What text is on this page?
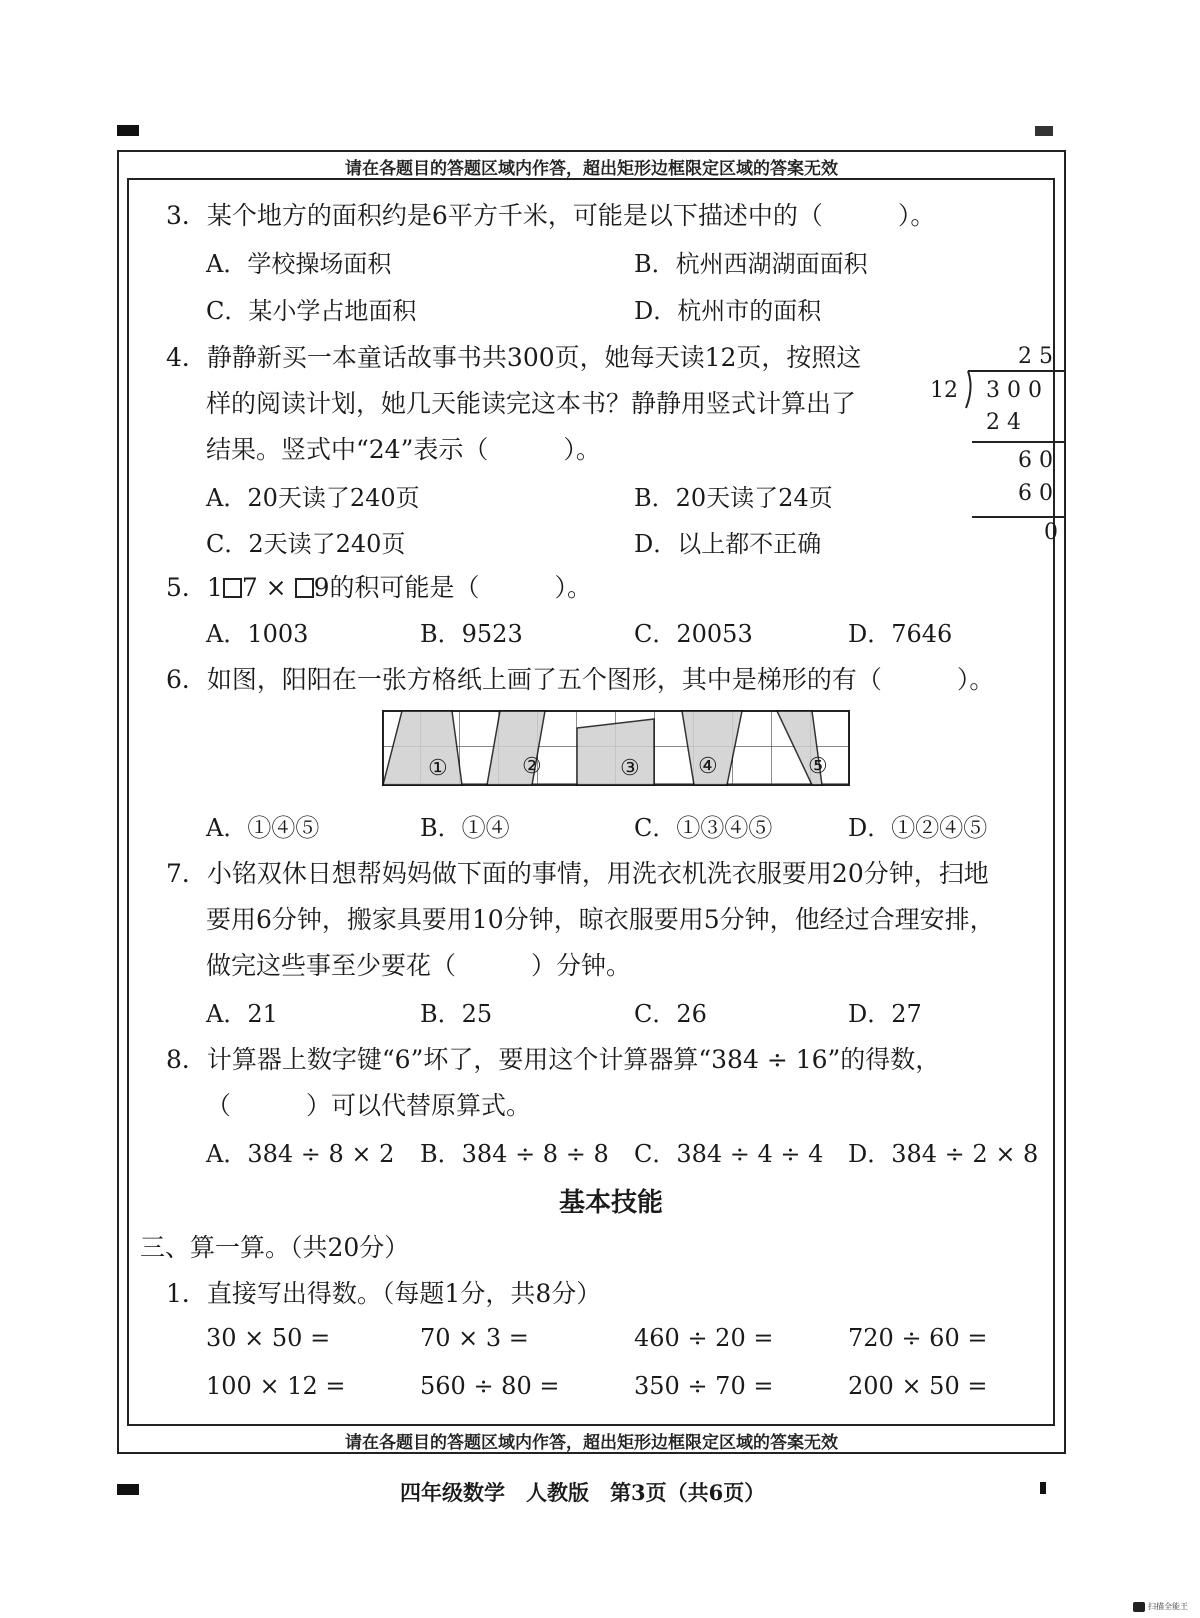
请在各题目的答题区域内作答，超出矩形边框限定区域的答案无效
请在各题目的答题区域内作答，超出矩形边框限定区域的答案无效
3．某个地方的面积约是6平方千米，可能是以下描述中的（　　　）。
A．学校操场面积	B．杭州西湖湖面面积
C．某小学占地面积	D．杭州市的面积
4．静静新买一本童话故事书共300页，她每天读12页，按照这
样的阅读计划，她几天能读完这本书？静静用竖式计算出了
结果。竖式中“24”表示（　　　）。
A．20天读了240页	B．20天读了24页
C．2天读了240页	D．以上都不正确
2 5
12 3 0 0
2 4
6 0
6 0
0
5．1 7 × 9的积可能是（　　　）。
A．1003	B．9523	C．20053	D．7646
6．如图，阳阳在一张方格纸上画了五个图形，其中是梯形的有（　　　）。
①	②	③	④	⑤
A．①④⑤	B．①④	C．①③④⑤	D．①②④⑤
7．小铭双休日想帮妈妈做下面的事情，用洗衣机洗衣服要用20分钟，扫地
要用6分钟，搬家具要用10分钟，晾衣服要用5分钟，他经过合理安排，
做完这些事至少要花（　　　）分钟。
A．21	B．25	C．26	D．27
8．计算器上数字键“6”坏了，要用这个计算器算“384 ÷ 16”的得数，
（　　　）可以代替原算式。
A．384 ÷ 8 × 2 B．384 ÷ 8 ÷ 8 C．384 ÷ 4 ÷ 4 D．384 ÷ 2 × 8
基本技能
三、算一算。（共20分）
1．直接写出得数。（每题1分，共8分）
30 × 50 =	70 × 3 =	460 ÷ 20 =	720 ÷ 60 =
100 × 12 =	560 ÷ 80 =	350 ÷ 70 =	200 × 50 =
四年级数学　人教版　第3页（共6页）
扫描全能王
